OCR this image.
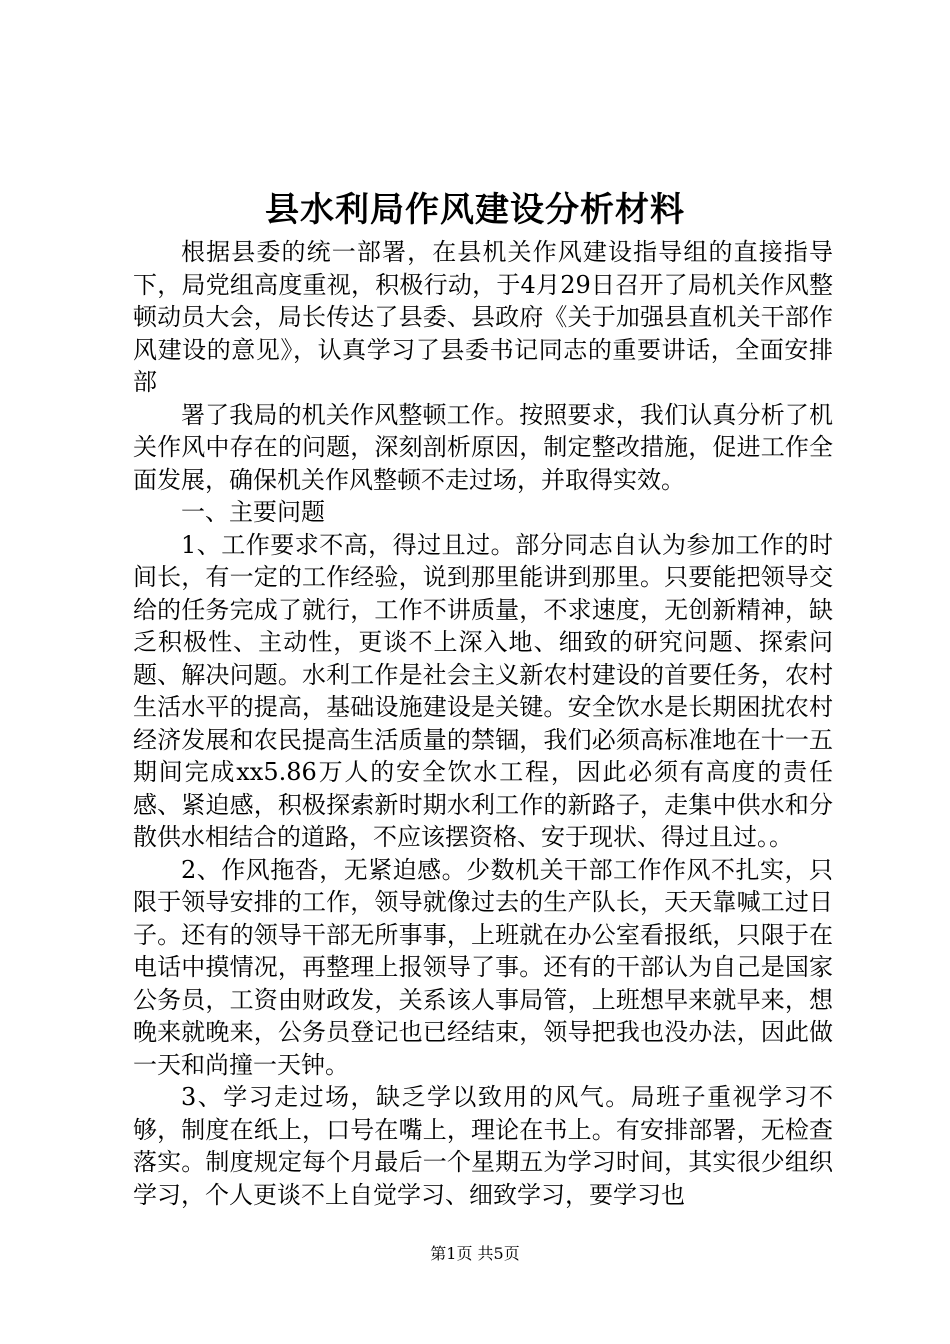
县水利局作风建设分析材料

根据县委的统一部署，在县机关作风建设指导组的直接指导下，局党组高度重视，积极行动，于4月29日召开了局机关作风整顿动员大会，局长传达了县委、县政府《关于加强县直机关干部作风建设的意见》，认真学习了县委书记同志的重要讲话，全面安排部

署了我局的机关作风整顿工作。按照要求，我们认真分析了机关作风中存在的问题，深刻剖析原因，制定整改措施，促进工作全面发展，确保机关作风整顿不走过场，并取得实效。

一、主要问题

1、工作要求不高，得过且过。部分同志自认为参加工作的时间长，有一定的工作经验，说到那里能讲到那里。只要能把领导交给的任务完成了就行，工作不讲质量，不求速度，无创新精神，缺乏积极性、主动性，更谈不上深入地、细致的研究问题、探索问题、解决问题。水利工作是社会主义新农村建设的首要任务，农村生活水平的提高，基础设施建设是关键。安全饮水是长期困扰农村经济发展和农民提高生活质量的禁锢，我们必须高标准地在十一五期间完成xx5.86万人的安全饮水工程，因此必须有高度的责任感、紧迫感，积极探索新时期水利工作的新路子，走集中供水和分散供水相结合的道路，不应该摆资格、安于现状、得过且过。。

2、作风拖沓，无紧迫感。少数机关干部工作作风不扎实，只限于领导安排的工作，领导就像过去的生产队长，天天靠喊工过日子。还有的领导干部无所事事，上班就在办公室看报纸，只限于在电话中摸情况，再整理上报领导了事。还有的干部认为自己是国家公务员，工资由财政发，关系该人事局管，上班想早来就早来，想晚来就晚来，公务员登记也已经结束，领导把我也没办法，因此做一天和尚撞一天钟。

3、学习走过场，缺乏学以致用的风气。局班子重视学习不够，制度在纸上，口号在嘴上，理论在书上。有安排部署，无检查落实。制度规定每个月最后一个星期五为学习时间，其实很少组织学习，个人更谈不上自觉学习、细致学习，要学习也

第1页 共5页
